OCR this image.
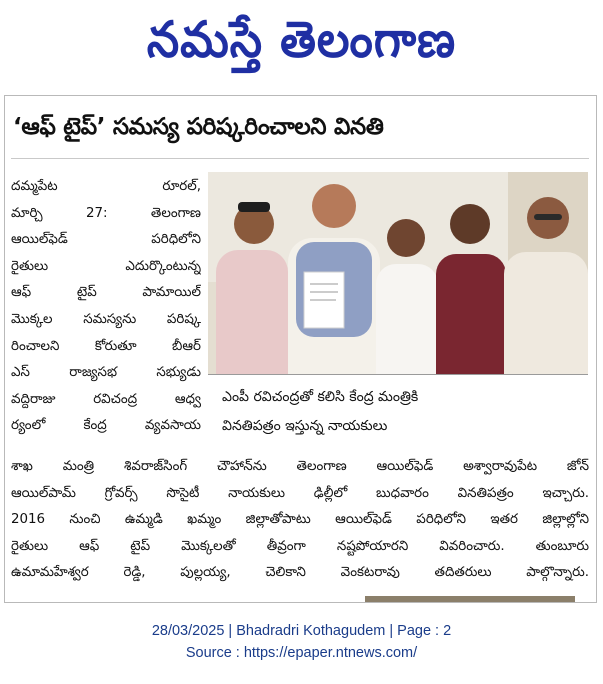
నమస్తే తెలంగాణ
‘ఆఫ్ టైప్’ సమస్య పరిష్కరించాలని వినతి
దమ్మపేట రూరల్,
మార్చి 27: తెలంగాణ
ఆయిల్‌ఫెడ్ పరిధిలోని
రైతులు ఎదుర్కొంటున్న
ఆఫ్ టైప్ పామాయిల్
మొక్కల సమస్యను పరిష్క
రించాలని కోరుతూ బీఆర్
ఎస్ రాజ్యసభ సభ్యుడు
వద్దిరాజు రవిచంద్ర ఆధ్వ
ర్యంలో కేంద్ర వ్యవసాయ
ఎంపీ రవిచంద్రతో కలిసి కేంద్ర మంత్రికి
వినతిపత్రం ఇస్తున్న నాయకులు
శాఖ మంత్రి శివరాజ్‌సింగ్ చౌహాన్‌ను తెలంగాణ ఆయిల్‌ఫెడ్ అశ్వారావుపేట జోన్
ఆయిల్‌పామ్ గ్రోవర్స్ సొసైటీ నాయకులు ఢిల్లీలో బుధవారం వినతిపత్రం ఇచ్చారు.
2016 నుంచి ఉమ్మడి ఖమ్మం జిల్లాతోపాటు ఆయిల్‌ఫెడ్ పరిధిలోని ఇతర జిల్లాల్లోని
రైతులు ఆఫ్ టైప్ మొక్కలతో తీవ్రంగా నష్టపోయారని వివరించారు. తుంబూరు
ఉమామహేశ్వర రెడ్డి, పుల్లయ్య, చెలికాని వెంకటరావు తదితరులు పాల్గొన్నారు.
28/03/2025 | Bhadradri Kothagudem | Page : 2
Source : https://epaper.ntnews.com/
